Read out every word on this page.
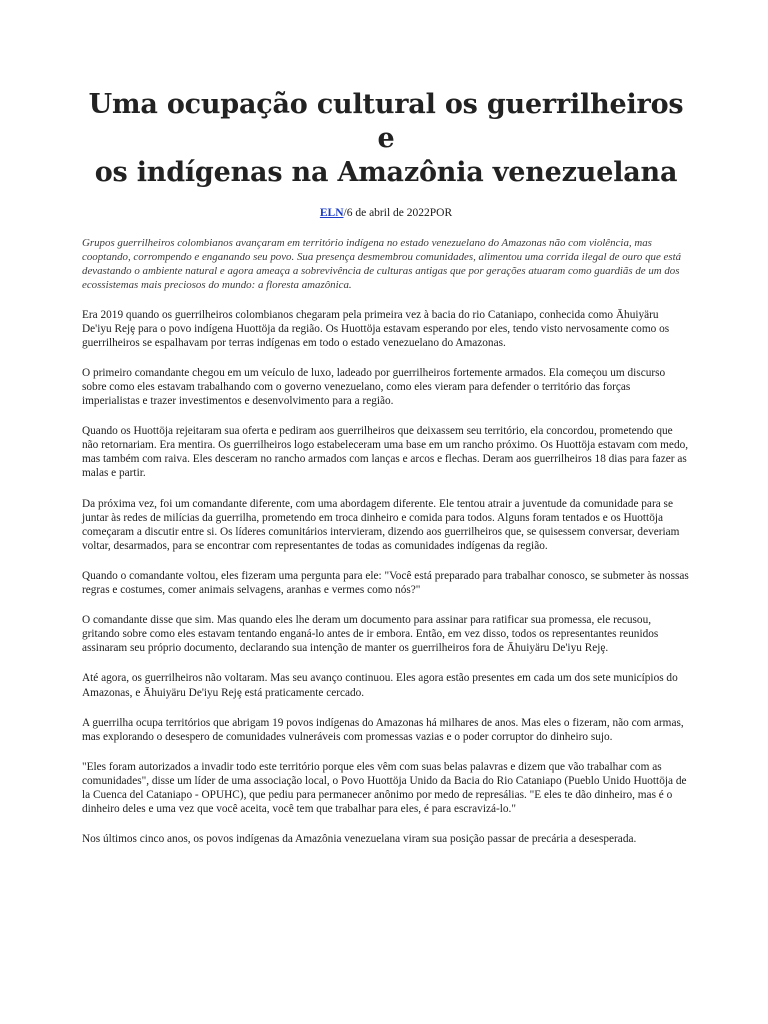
Uma ocupação cultural os guerrilheiros e
os indígenas na Amazônia venezuelana
ELN/6 de abril de 2022POR

Grupos guerrilheiros colombianos avançaram em território indígena no estado venezuelano do Amazonas não com violência, mas cooptando, corrompendo e enganando seu povo. Sua presença desmembrou comunidades, alimentou uma corrida ilegal de ouro que está devastando o ambiente natural e agora ameaça a sobrevivência de culturas antigas que por gerações atuaram como guardiãs de um dos ecossistemas mais preciosos do mundo: a floresta amazônica.

Era 2019 quando os guerrilheiros colombianos chegaram pela primeira vez à bacia do rio Cataniapo, conhecida como Āhuiyäru De'iyu Rejȩ para o povo indígena Huottöja da região. Os Huottöja estavam esperando por eles, tendo visto nervosamente como os guerrilheiros se espalhavam por terras indígenas em todo o estado venezuelano do Amazonas.

O primeiro comandante chegou em um veículo de luxo, ladeado por guerrilheiros fortemente armados. Ela começou um discurso sobre como eles estavam trabalhando com o governo venezuelano, como eles vieram para defender o território das forças imperialistas e trazer investimentos e desenvolvimento para a região.

Quando os Huottöja rejeitaram sua oferta e pediram aos guerrilheiros que deixassem seu território, ela concordou, prometendo que não retornariam. Era mentira. Os guerrilheiros logo estabeleceram uma base em um rancho próximo. Os Huottöja estavam com medo, mas também com raiva. Eles desceram no rancho armados com lanças e arcos e flechas. Deram aos guerrilheiros 18 dias para fazer as malas e partir.

Da próxima vez, foi um comandante diferente, com uma abordagem diferente. Ele tentou atrair a juventude da comunidade para se juntar às redes de milícias da guerrilha, prometendo em troca dinheiro e comida para todos. Alguns foram tentados e os Huottöja começaram a discutir entre si. Os líderes comunitários intervieram, dizendo aos guerrilheiros que, se quisessem conversar, deveriam voltar, desarmados, para se encontrar com representantes de todas as comunidades indígenas da região.

Quando o comandante voltou, eles fizeram uma pergunta para ele: "Você está preparado para trabalhar conosco, se submeter às nossas regras e costumes, comer animais selvagens, aranhas e vermes como nós?"

O comandante disse que sim. Mas quando eles lhe deram um documento para assinar para ratificar sua promessa, ele recusou, gritando sobre como eles estavam tentando enganá-lo antes de ir embora. Então, em vez disso, todos os representantes reunidos assinaram seu próprio documento, declarando sua intenção de manter os guerrilheiros fora de Āhuiyäru De'iyu Rejȩ.

Até agora, os guerrilheiros não voltaram. Mas seu avanço continuou. Eles agora estão presentes em cada um dos sete municípios do Amazonas, e Āhuiyäru De'iyu Rejȩ está praticamente cercado.

A guerrilha ocupa territórios que abrigam 19 povos indígenas do Amazonas há milhares de anos. Mas eles o fizeram, não com armas, mas explorando o desespero de comunidades vulneráveis com promessas vazias e o poder corruptor do dinheiro sujo.

"Eles foram autorizados a invadir todo este território porque eles vêm com suas belas palavras e dizem que vão trabalhar com as comunidades", disse um líder de uma associação local, o Povo Huottöja Unido da Bacia do Rio Cataniapo (Pueblo Unido Huottöja de la Cuenca del Cataniapo - OPUHC), que pediu para permanecer anônimo por medo de represálias. "E eles te dão dinheiro, mas é o dinheiro deles e uma vez que você aceita, você tem que trabalhar para eles, é para escravizá-lo."

Nos últimos cinco anos, os povos indígenas da Amazônia venezuelana viram sua posição passar de precária a desesperada.
